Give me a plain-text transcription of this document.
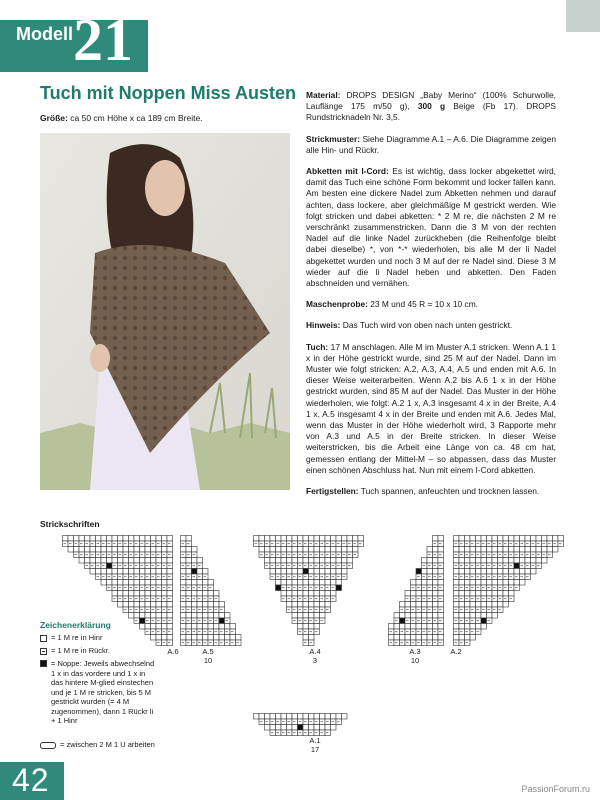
Modell 21
Tuch mit Noppen Miss Austen
Größe: ca 50 cm Höhe x ca 189 cm Breite.

Material: DROPS DESIGN „Baby Merino“ (100% Schurwolle, Lauflänge 175 m/50 g), 300 g Beige (Fb 17). DROPS Rundstricknadeln Nr. 3,5.

Strickmuster: Siehe Diagramme A.1 – A.6. Die Diagramme zeigen alle Hin- und Rückr.

Abketten mit I-Cord: Es ist wichtig, dass locker abgekettet wird, damit das Tuch eine schöne Form bekommt und locker fallen kann. Am besten eine dickere Nadel zum Abketten nehmen und darauf achten, dass lockere, aber gleichmäßige M gestrickt werden. Wie folgt stricken und dabei abketten: * 2 M re, die nächsten 2 M re verschränkt zusammenstricken. Dann die 3 M von der rechten Nadel auf die linke Nadel zurückheben (die Reihenfolge bleibt dabei dieselbe) *, von *-* wiederholen, bis alle M der li Nadel abgekettet wurden und noch 3 M auf der re Nadel sind. Diese 3 M wieder auf die li Nadel heben und abketten. Den Faden abschneiden und vernähen.

Maschenprobe: 23 M und 45 R = 10 x 10 cm.

Hinweis: Das Tuch wird von oben nach unten gestrickt.

Tuch: 17 M anschlagen. Alle M im Muster A.1 stricken. Wenn A.1 1 x in der Höhe gestrickt wurde, sind 25 M auf der Nadel. Dann im Muster wie folgt stricken: A.2, A.3, A.4, A.5 und enden mit A.6. In dieser Weise weiterarbeiten. Wenn A.2 bis A.6 1 x in der Höhe gestrickt wurden, sind 85 M auf der Nadel. Das Muster in der Höhe wiederholen, wie folgt: A.2 1 x, A.3 insgesamt 4 x in der Breite, A.4 1 x, A.5 insgesamt 4 x in der Breite und enden mit A.6. Jedes Mal, wenn das Muster in der Höhe wiederholt wird, 3 Rapporte mehr von A.3 und A.5 in der Breite stricken. In dieser Weise weiterstricken, bis die Arbeit eine Länge von ca. 48 cm hat, gemessen entlang der Mittel-M – so abpassen, dass das Muster einen schönen Abschluss hat. Nun mit einem I-Cord abketten.

Fertigstellen: Tuch spannen, anfeuchten und trocknen lassen.

Strickschriften
A.6	A.5
10
A.4
3
A.3
10
A.2
A.1
17
Zeichenerklärung
= 1 M re in Hinr
= 1 M re in Rückr.
= Noppe: Jeweils abwechselnd 1 x in das vordere und 1 x in das hintere M-glied einstechen und je 1 M re stricken, bis 5 M gestrickt wurden (= 4 M zugenommen), dann 1 Rückr li + 1 Hinr
= zwischen 2 M 1 U arbeiten
42	PassionForum.ru
